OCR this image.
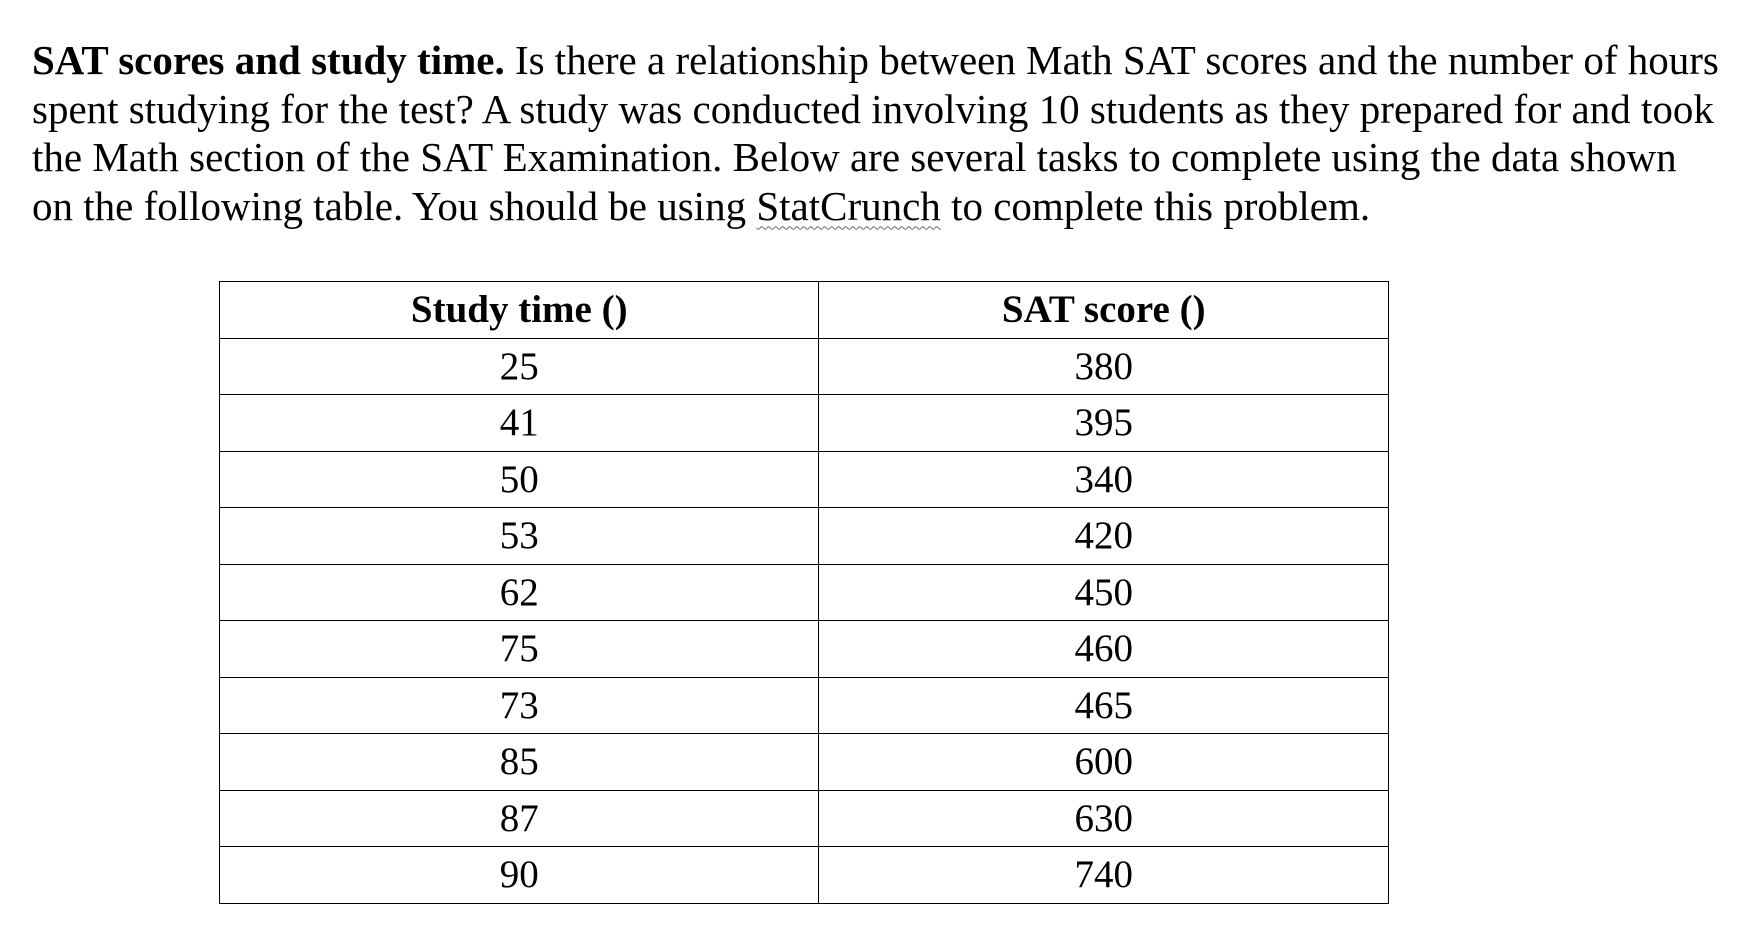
SAT scores and study time. Is there a relationship between Math SAT scores and the number of hours spent studying for the test? A study was conducted involving 10 students as they prepared for and took the Math section of the SAT Examination. Below are several tasks to complete using the data shown on the following table. You should be using StatCrunch to complete this problem.

Study time ()	SAT score ()
25	380
41	395
50	340
53	420
62	450
75	460
73	465
85	600
87	630
90	740
